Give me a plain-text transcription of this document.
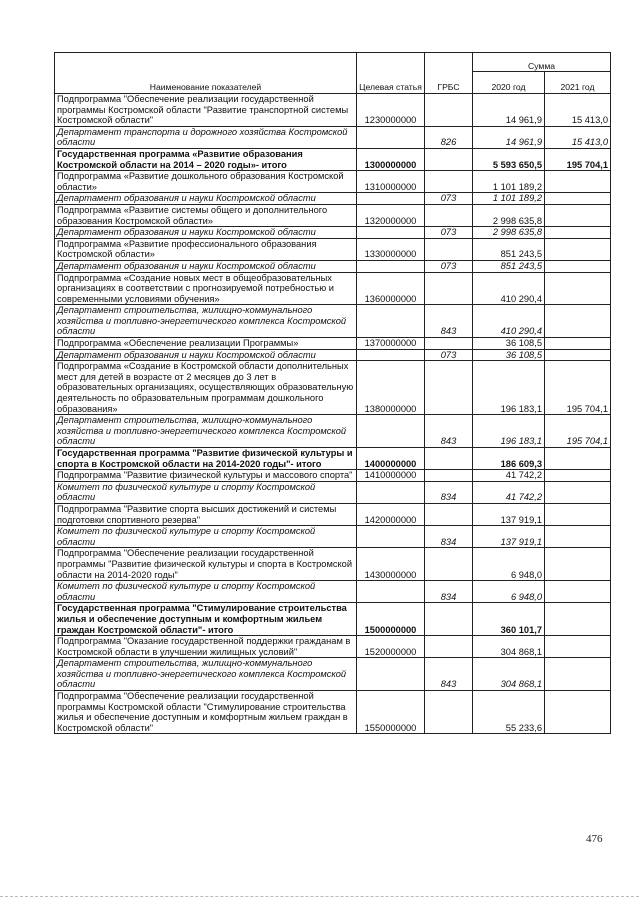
Наименование показателей	Целевая статья	ГРБС	Сумма	
			2020 год	2021 год
Подпрограмма "Обеспечение реализации государственной программы Костромской области "Развитие транспортной системы Костромской области"	1230000000		14 961,9	15 413,0
Департамент транспорта и дорожного хозяйства Костромской области		826	14 961,9	15 413,0
Государственная программа «Развитие образования Костромской области на 2014 – 2020 годы»- итого	1300000000		5 593 650,5	195 704,1
Подпрограмма «Развитие дошкольного образования Костромской области»	1310000000		1 101 189,2	
Департамент образования и науки Костромской области		073	1 101 189,2	
Подпрограмма «Развитие системы общего и дополнительного образования Костромской области»	1320000000		2 998 635,8	
Департамент образования и науки Костромской области		073	2 998 635,8	
Подпрограмма «Развитие профессионального образования Костромской области»	1330000000		851 243,5	
Департамент образования и науки Костромской области		073	851 243,5	
Подпрограмма «Создание новых мест в общеобразовательных организациях в соответствии с прогнозируемой потребностью и современными условиями обучения»	1360000000		410 290,4	
Департамент строительства, жилищно-коммунального хозяйства и топливно-энергетического комплекса Костромской области		843	410 290,4	
Подпрограмма «Обеспечение реализации Программы»	1370000000		36 108,5	
Департамент образования и науки Костромской области		073	36 108,5	
Подпрограмма «Создание в Костромской области дополнительных мест для детей в возрасте от 2 месяцев до 3 лет в образовательных организациях, осуществляющих образовательную деятельность по образовательным программам дошкольного образования»	1380000000		196 183,1	195 704,1
Департамент строительства, жилищно-коммунального хозяйства и топливно-энергетического комплекса Костромской области		843	196 183,1	195 704,1
Государственная программа "Развитие физической культуры и спорта в Костромской области на 2014-2020 годы"- итого	1400000000		186 609,3	
Подпрограмма "Развитие физической культуры и массового спорта"	1410000000		41 742,2	
Комитет по физической культуре и спорту Костромской области		834	41 742,2	
Подпрограмма "Развитие спорта высших достижений и системы подготовки спортивного резерва"	1420000000		137 919,1	
Комитет по физической культуре и спорту Костромской области		834	137 919,1	
Подпрограмма "Обеспечение реализации государственной программы "Развитие физической культуры и спорта в Костромской области на 2014-2020 годы"	1430000000		6 948,0	
Комитет по физической культуре и спорту Костромской области		834	6 948,0	
Государственная программа "Стимулирование строительства жилья и обеспечение доступным и комфортным жильем граждан Костромской области"- итого	1500000000		360 101,7	
Подпрограмма "Оказание государственной поддержки гражданам в Костромской области в улучшении жилищных условий"	1520000000		304 868,1	
Департамент строительства, жилищно-коммунального хозяйства и топливно-энергетического комплекса Костромской области		843	304 868,1	
Подпрограмма "Обеспечение реализации государственной программы Костромской области "Стимулирование строительства жилья и обеспечение доступным и комфортным жильем граждан в Костромской области"	1550000000		55 233,6	
476
